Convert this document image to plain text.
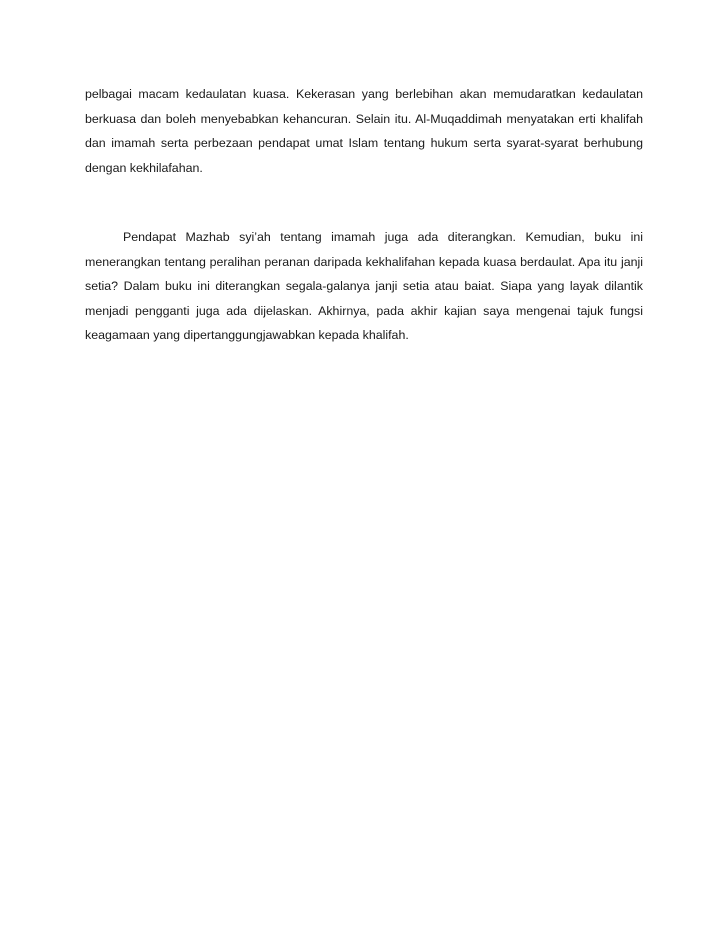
pelbagai macam kedaulatan kuasa. Kekerasan yang berlebihan akan memudaratkan kedaulatan berkuasa dan boleh menyebabkan kehancuran. Selain itu. Al-Muqaddimah menyatakan erti khalifah dan imamah serta perbezaan pendapat umat Islam tentang hukum serta syarat-syarat berhubung dengan kekhilafahan.

Pendapat Mazhab syi’ah tentang imamah juga ada diterangkan. Kemudian, buku ini menerangkan tentang peralihan peranan daripada kekhalifahan kepada kuasa berdaulat. Apa itu janji setia? Dalam buku ini diterangkan segala-galanya janji setia atau baiat. Siapa yang layak dilantik menjadi pengganti juga ada dijelaskan. Akhirnya, pada akhir kajian saya mengenai tajuk fungsi keagamaan yang dipertanggungjawabkan kepada khalifah.
